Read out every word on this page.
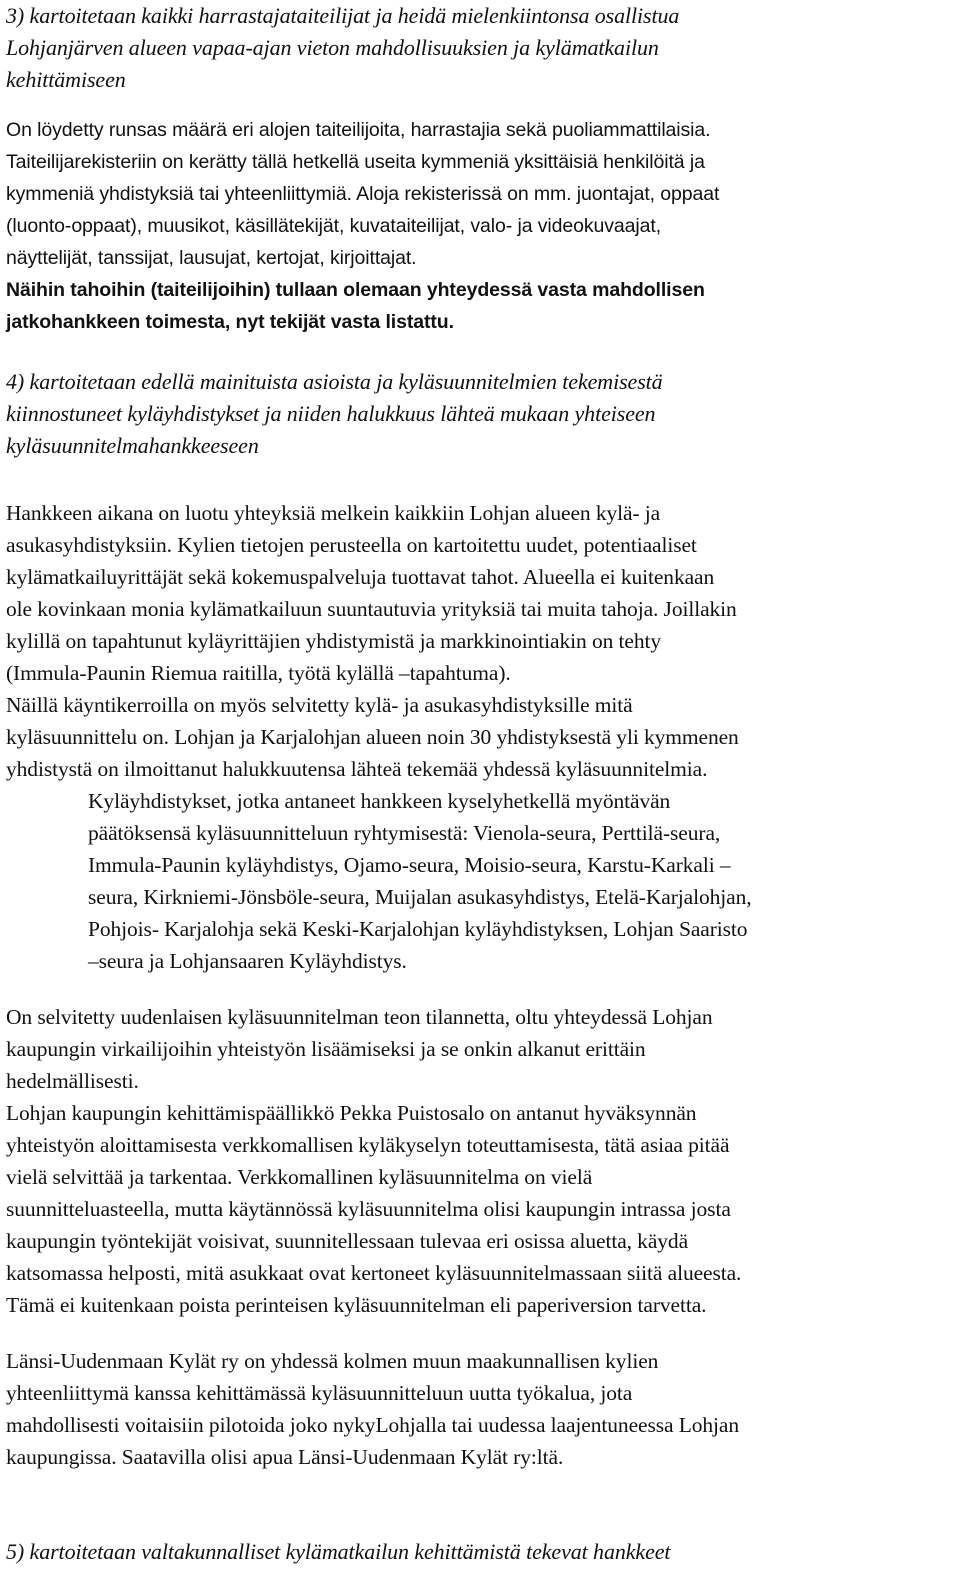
3) kartoitetaan kaikki harrastajataiteilijat ja heidä mielenkiintonsa osallistua
Lohjanjärven alueen vapaa-ajan vieton mahdollisuuksien ja kylämatkailun
kehittämiseen
On löydetty runsas määrä eri alojen taiteilijoita, harrastajia sekä puoliammattilaisia.
Taiteilijarekisteriin on kerätty tällä hetkellä useita kymmeniä yksittäisiä henkilöitä ja
kymmeniä yhdistyksiä tai yhteenliittymiä. Aloja rekisterissä on mm. juontajat, oppaat
(luonto-oppaat), muusikot, käsillätekijät, kuvataiteilijat, valo- ja videokuvaajat,
näyttelijät, tanssijat, lausujat, kertojat, kirjoittajat.
Näihin tahoihin (taiteilijoihin) tullaan olemaan yhteydessä vasta mahdollisen
jatkohankkeen toimesta, nyt tekijät vasta listattu.
4) kartoitetaan edellä mainituista asioista ja kyläsuunnitelmien tekemisestä
kiinnostuneet kyläyhdistykset ja niiden halukkuus lähteä mukaan yhteiseen
kyläsuunnitelmahankkeeseen
Hankkeen aikana on luotu yhteyksiä melkein kaikkiin Lohjan alueen kylä- ja
asukasyhdistyksiin. Kylien tietojen perusteella on kartoitettu uudet, potentiaaliset
kylämatkailuyrittäjät sekä kokemuspalveluja tuottavat tahot. Alueella ei kuitenkaan
ole kovinkaan monia kylämatkailuun suuntautuvia yrityksiä tai muita tahoja. Joillakin
kylillä on tapahtunut kyläyrittäjien yhdistymistä ja markkinointiakin on tehty
(Immula-Paunin Riemua raitilla, työtä kylällä –tapahtuma).
Näillä käyntikerroilla on myös selvitetty kylä- ja asukasyhdistyksille mitä
kyläsuunnittelu on. Lohjan ja Karjalohjan alueen noin 30 yhdistyksestä yli kymmenen
yhdistystä on ilmoittanut halukkuutensa lähteä tekemää yhdessä kyläsuunnitelmia.
Kyläyhdistykset, jotka antaneet hankkeen kyselyhetkellä myöntävän
päätöksensä kyläsuunnitteluun ryhtymisestä: Vienola-seura, Perttilä-seura,
Immula-Paunin kyläyhdistys, Ojamo-seura, Moisio-seura, Karstu-Karkali –
seura, Kirkniemi-Jönsböle-seura, Muijalan asukasyhdistys, Etelä-Karjalohjan,
Pohjois- Karjalohja sekä Keski-Karjalohjan kyläyhdistyksen, Lohjan Saaristo
–seura ja Lohjansaaren Kyläyhdistys.
On selvitetty uudenlaisen kyläsuunnitelman teon tilannetta, oltu yhteydessä Lohjan
kaupungin virkailijoihin yhteistyön lisäämiseksi ja se onkin alkanut erittäin
hedelmällisesti.
Lohjan kaupungin kehittämispäällikkö Pekka Puistosalo on antanut hyväksynnän
yhteistyön aloittamisesta verkkomallisen kyläkyselyn toteuttamisesta, tätä asiaa pitää
vielä selvittää ja tarkentaa. Verkkomallinen kyläsuunnitelma on vielä
suunnitteluasteella, mutta käytännössä kyläsuunnitelma olisi kaupungin intrassa josta
kaupungin työntekijät voisivat, suunnitellessaan tulevaa eri osissa aluetta, käydä
katsomassa helposti, mitä asukkaat ovat kertoneet kyläsuunnitelmassaan siitä alueesta.
Tämä ei kuitenkaan poista perinteisen kyläsuunnitelman eli paperiversion tarvetta.
Länsi-Uudenmaan Kylät ry on yhdessä kolmen muun maakunnallisen kylien
yhteenliittymä kanssa kehittämässä kyläsuunnitteluun uutta työkalua, jota
mahdollisesti voitaisiin pilotoida joko nykyLohjalla tai uudessa laajentuneessa Lohjan
kaupungissa. Saatavilla olisi apua Länsi-Uudenmaan Kylät ry:ltä.
5) kartoitetaan valtakunnalliset kylämatkailun kehittämistä tekevat hankkeet
